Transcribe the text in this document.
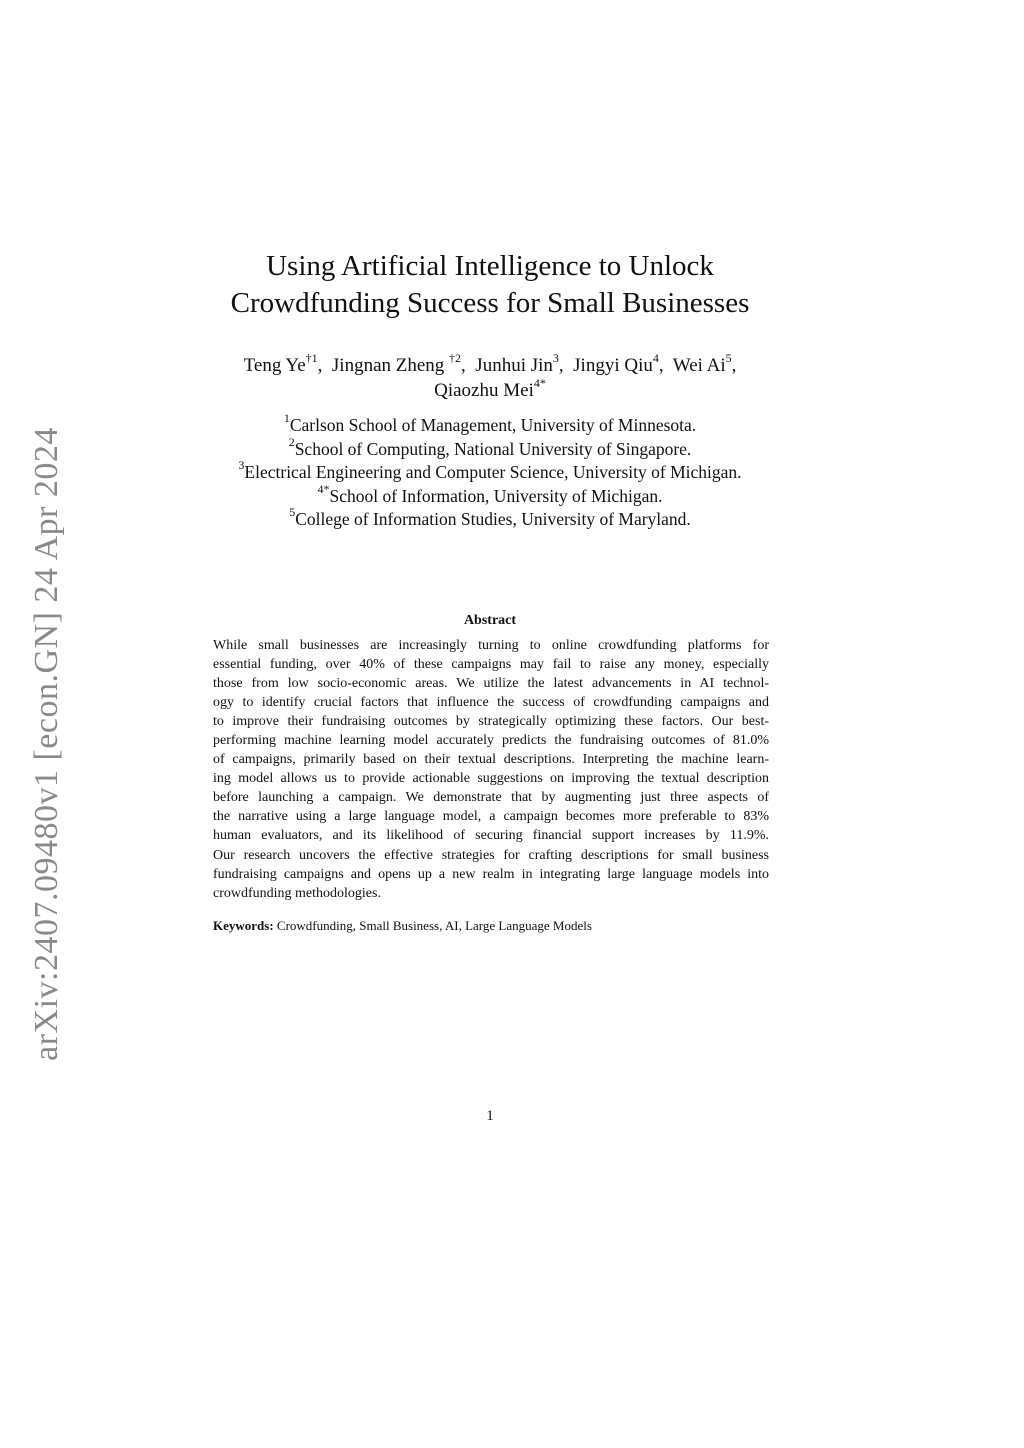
arXiv:2407.09480v1 [econ.GN] 24 Apr 2024
Using Artificial Intelligence to Unlock
Crowdfunding Success for Small Businesses
Teng Ye$^{\dagger 1}$, Jingnan Zheng $^{\dagger 2}$, Junhui Jin$^3$, Jingyi Qiu$^4$, Wei Ai$^5$,
Qiaozhu Mei$^{4*}$
$^1$Carlson School of Management, University of Minnesota.
$^2$School of Computing, National University of Singapore.
$^3$Electrical Engineering and Computer Science, University of Michigan.
$^{4*}$School of Information, University of Michigan.
$^5$College of Information Studies, University of Maryland.
Abstract
While small businesses are increasingly turning to online crowdfunding platforms for
essential funding, over 40% of these campaigns may fail to raise any money, especially
those from low socio-economic areas. We utilize the latest advancements in AI technol-
ogy to identify crucial factors that influence the success of crowdfunding campaigns and
to improve their fundraising outcomes by strategically optimizing these factors. Our best-
performing machine learning model accurately predicts the fundraising outcomes of 81.0%
of campaigns, primarily based on their textual descriptions. Interpreting the machine learn-
ing model allows us to provide actionable suggestions on improving the textual description
before launching a campaign. We demonstrate that by augmenting just three aspects of
the narrative using a large language model, a campaign becomes more preferable to 83%
human evaluators, and its likelihood of securing financial support increases by 11.9%.
Our research uncovers the effective strategies for crafting descriptions for small business
fundraising campaigns and opens up a new realm in integrating large language models into
crowdfunding methodologies.
Keywords: Crowdfunding, Small Business, AI, Large Language Models
1
